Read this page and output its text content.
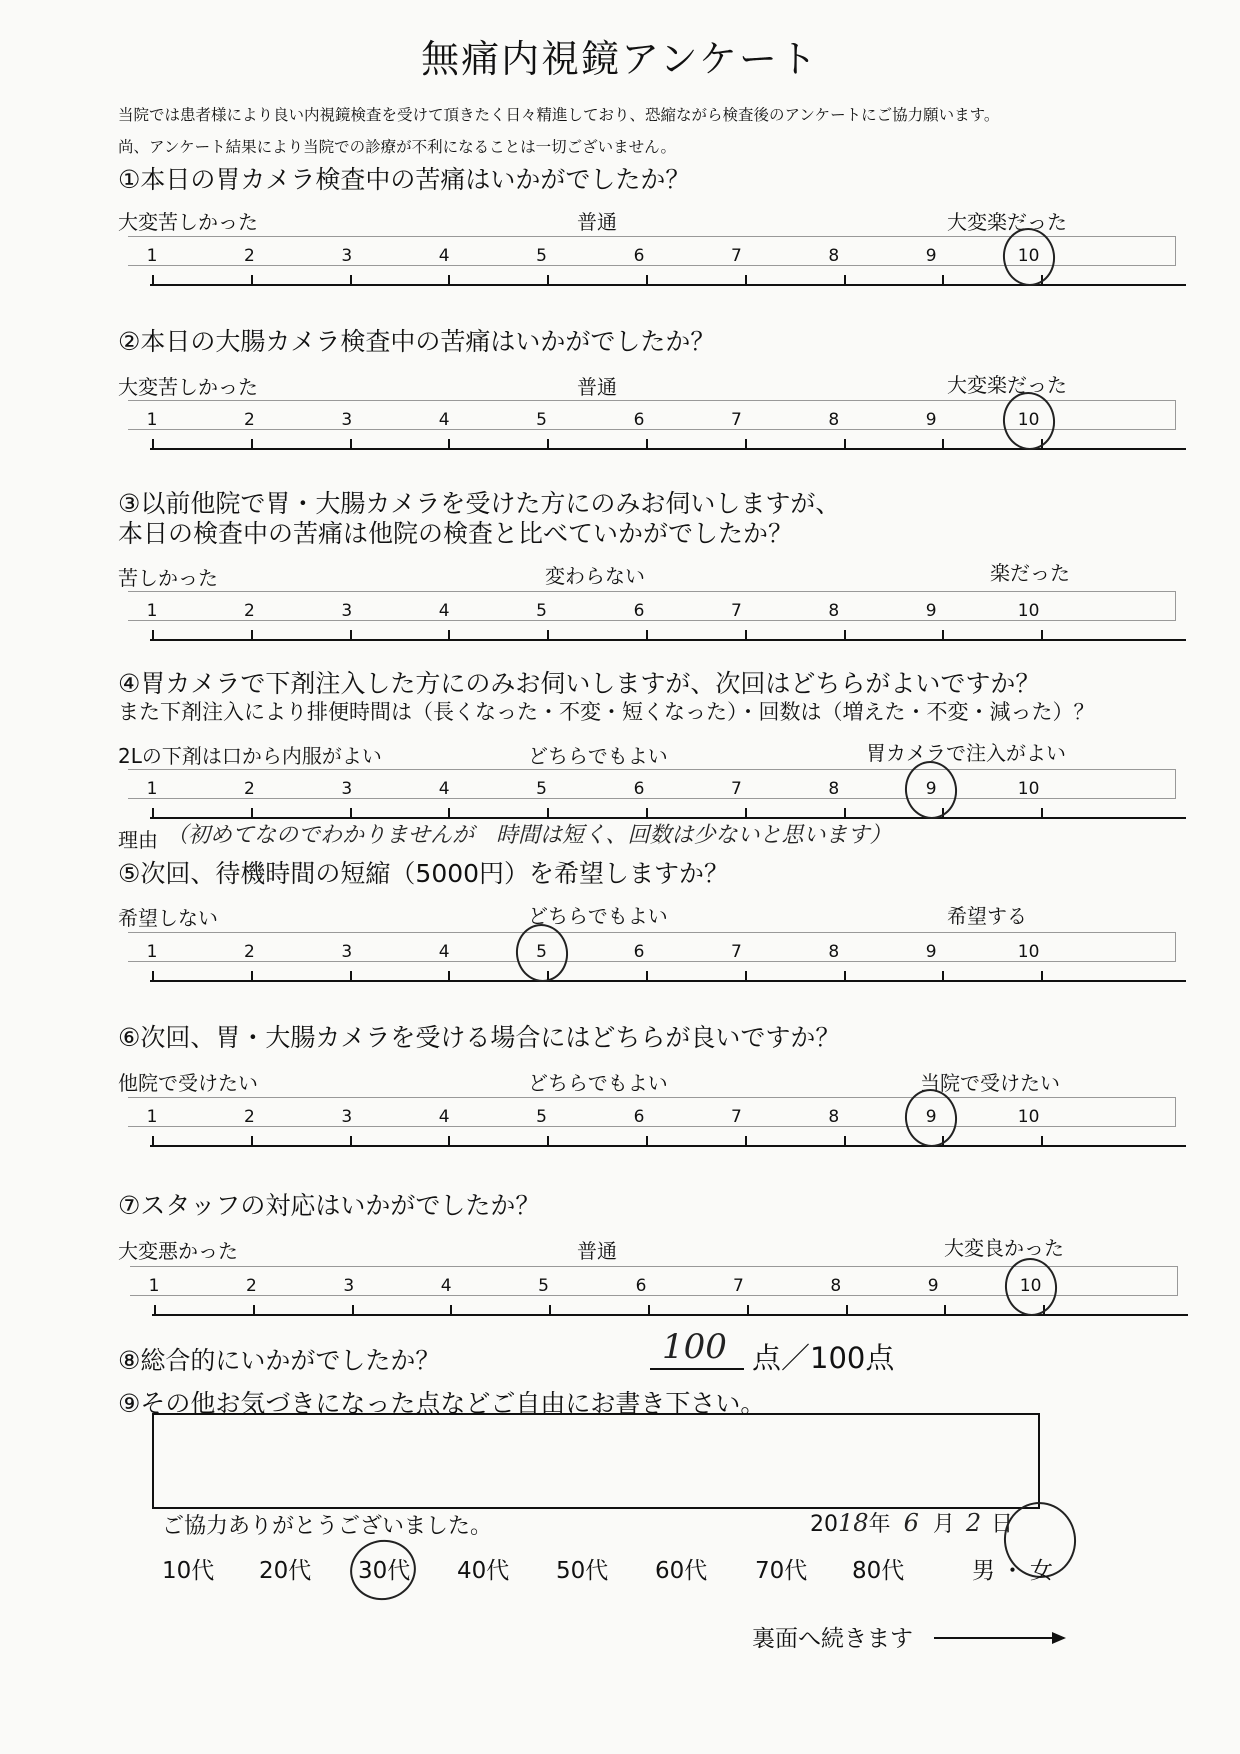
無痛内視鏡アンケート
当院では患者様により良い内視鏡検査を受けて頂きたく日々精進しており、恐縮ながら検査後のアンケートにご協力願います。
尚、アンケート結果により当院での診療が不利になることは一切ございません。
①本日の胃カメラ検査中の苦痛はいかがでしたか？
大変苦しかった	普通	大変楽だった
1	2	3	4	5	6	7	8	9	10
②本日の大腸カメラ検査中の苦痛はいかがでしたか？
大変苦しかった	普通	大変楽だった
1	2	3	4	5	6	7	8	9	10
③以前他院で胃・大腸カメラを受けた方にのみお伺いしますが、
本日の検査中の苦痛は他院の検査と比べていかがでしたか？
苦しかった	変わらない	楽だった
1	2	3	4	5	6	7	8	9	10
④胃カメラで下剤注入した方にのみお伺いしますが、次回はどちらがよいですか？
また下剤注入により排便時間は（長くなった・不変・短くなった）・回数は（増えた・不変・減った）？
2Lの下剤は口から内服がよい	どちらでもよい	胃カメラで注入がよい
1	2	3	4	5	6	7	8	9	10
理由 （初めてなのでわかりませんが　時間は短く、回数は少ないと思います）
⑤次回、待機時間の短縮（5000円）を希望しますか？
希望しない	どちらでもよい	希望する
1	2	3	4	5	6	7	8	9	10
⑥次回、胃・大腸カメラを受ける場合にはどちらが良いですか？
他院で受けたい	どちらでもよい	当院で受けたい
1	2	3	4	5	6	7	8	9	10
⑦スタッフの対応はいかがでしたか？
大変悪かった	普通	大変良かった
1	2	3	4	5	6	7	8	9	10
⑧総合的にいかがでしたか？	100 点／100点
⑨その他お気づきになった点などご自由にお書き下さい。
ご協力ありがとうございました。	2018年 6 月 2 日
10代 20代 30代 40代 50代 60代 70代 80代	男 ・ 女
裏面へ続きます
